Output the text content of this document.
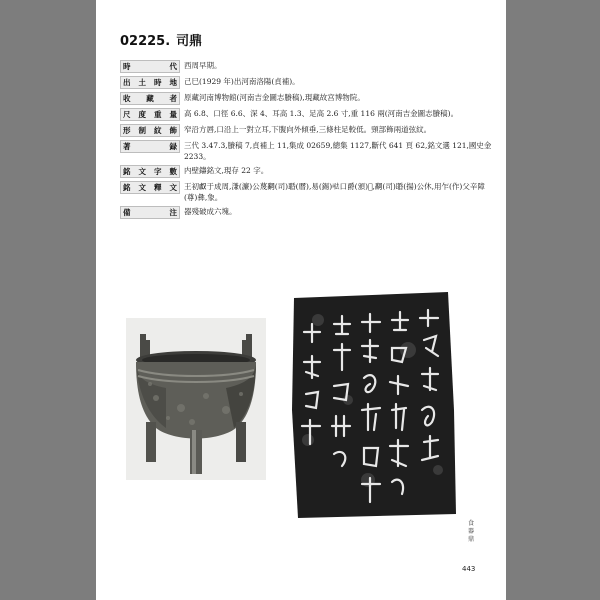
02225. 司鼎
時　　代 西周早期。
出土時地 己巳(1929 年)出河南洛陽(貞補)。
收 藏 者 原藏河南博物館(河南吉金圖志賸稿),現藏故宫博物院。
尺度重量 高 6.8、口徑 6.6、深 4、耳高 1.3、足高 2.6 寸,重 116 兩(河南吉金圖志賸稿)。
形制紋飾 窄沿方唇,口沿上一對立耳,下腹向外傾垂,三條柱足較低。頸部飾兩道弦紋。
著　　録 三代 3.47.3,賸稿 7,貞補上 11,集成 02659,總集 1127,斷代 641 頁 62,銘文選 121,國史金 2233。
銘文字數 内壁鑄銘文,現存 22 字。
銘文釋文 王初𠭯于成周,溓(濂)公蔑𤔲(司)䎽(曆),易(錫)𠳊口爵(頒)𨪾,𤔲(司)䎽(揚)公休,用乍(作)父辛障(尊)彝,𧰼。
備　　注 器殘破成六塊。
食器　鼎
443
